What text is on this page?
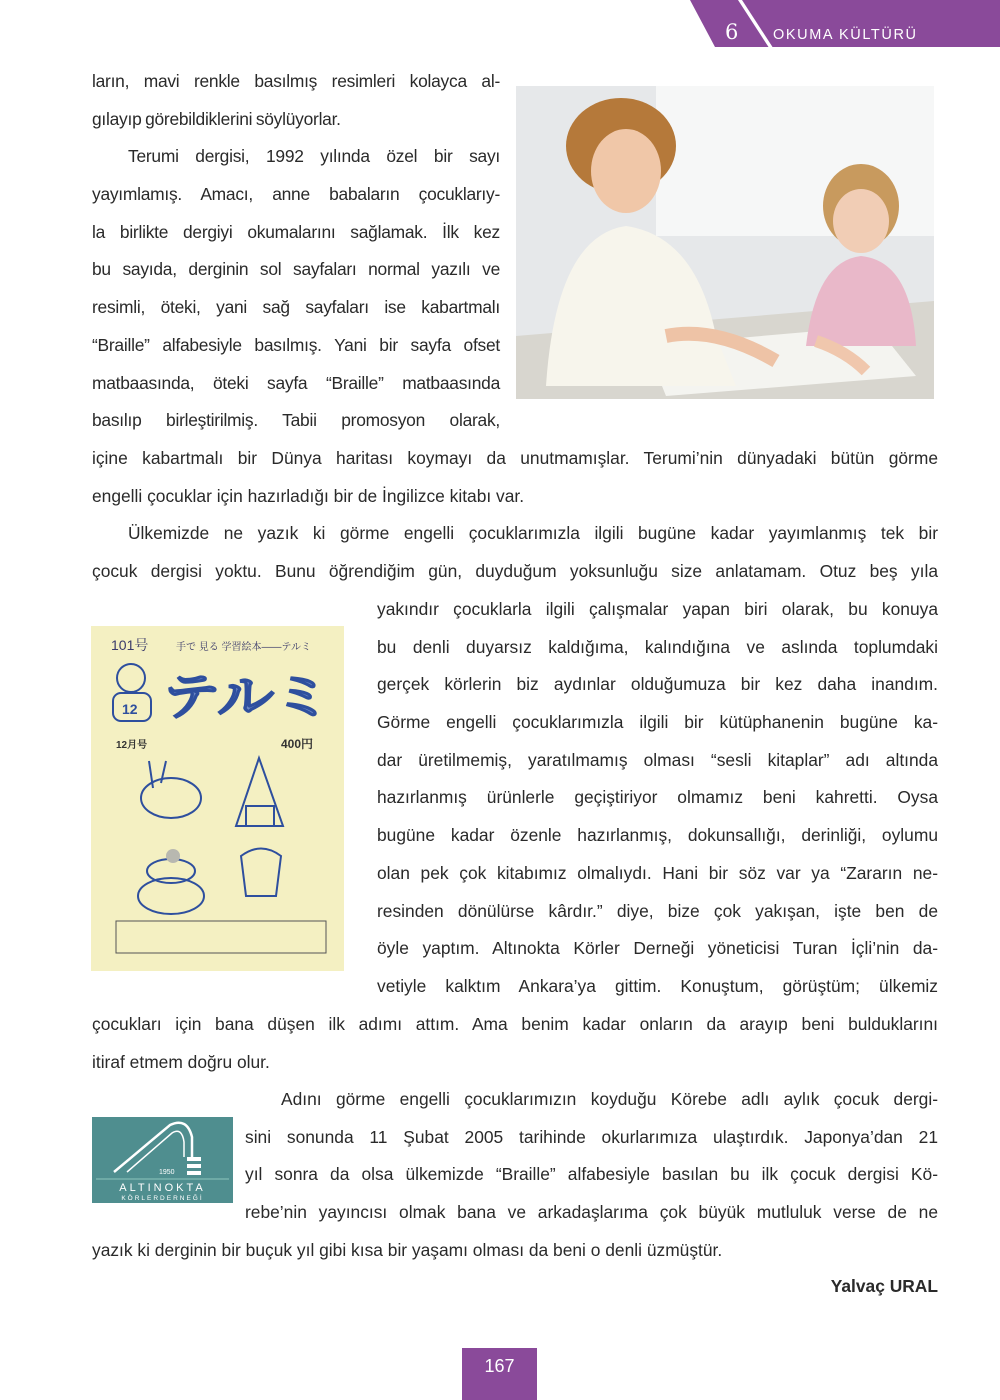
6 OKUMA KÜLTÜRÜ
ların, mavi renkle basılmış resimleri kolayca al-
gılayıp görebildiklerini söylüyorlar.
Terumi dergisi, 1992 yılında özel bir sayı
yayımlamış. Amacı, anne babaların çocuklarıy-
la birlikte dergiyi okumalarını sağlamak. İlk kez
bu sayıda, derginin sol sayfaları normal yazılı ve
resimli, öteki, yani sağ sayfaları ise kabartmalı
“Braille” alfabesiyle basılmış. Yani bir sayfa ofset
matbaasında, öteki sayfa “Braille” matbaasında
basılıp birleştirilmiş. Tabii promosyon olarak,
içine kabartmalı bir Dünya haritası koymayı da unutmamışlar. Terumi’nin dünyadaki bütün görme
engelli çocuklar için hazırladığı bir de İngilizce kitabı var.
Ülkemizde ne yazık ki görme engelli çocuklarımızla ilgili bugüne kadar yayımlanmış tek bir
çocuk dergisi yoktu. Bunu öğrendiğim gün, duyduğum yoksunluğu size anlatamam. Otuz beş yıla
yakındır çocuklarla ilgili çalışmalar yapan biri olarak, bu konuya
bu denli duyarsız kaldığıma, kalındığına ve aslında toplumdaki
gerçek körlerin biz aydınlar olduğumuza bir kez daha inandım.
Görme engelli çocuklarımızla ilgili bir kütüphanenin bugüne ka-
dar üretilmemiş, yaratılmamış olması “sesli kitaplar” adı altında
hazırlanmış ürünlerle geçiştiriyor olmamız beni kahretti. Oysa
bugüne kadar özenle hazırlanmış, dokunsallığı, derinliği, oylumu
olan pek çok kitabımız olmalıydı. Hani bir söz var ya “Zararın ne-
resinden dönülürse kârdır.” diye, bize çok yakışan, işte ben de
öyle yaptım. Altınokta Körler Derneği yöneticisi Turan İçli’nin da-
vetiyle kalktım Ankara’ya gittim. Konuştum, görüştüm; ülkemiz
çocukları için bana düşen ilk adımı attım. Ama benim kadar onların da arayıp beni bulduklarını
itiraf etmem doğru olur.
Adını görme engelli çocuklarımızın koyduğu Körebe adlı aylık çocuk dergi-
sini sonunda 11 Şubat 2005 tarihinde okurlarımıza ulaştırdık. Japonya’dan 21
yıl sonra da olsa ülkemizde “Braille” alfabesiyle basılan bu ilk çocuk dergisi Kö-
rebe’nin yayıncısı olmak bana ve arkadaşlarıma çok büyük mutluluk verse de ne
yazık ki derginin bir buçuk yıl gibi kısa bir yaşamı olması da beni o denli üzmüştür.
101号	手で 見る 学習絵本——テルミ
12 テルミ
12月号	400円
1950
ALTINOKTA
KÖRLERDERNEĞİ
Yalvaç URAL
167
